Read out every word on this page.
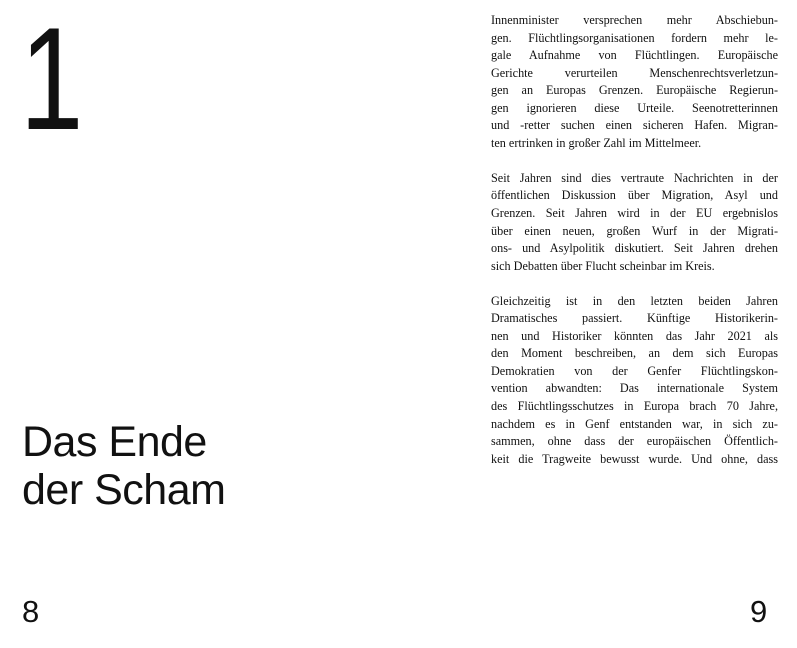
1
Das Ende
der Scham
8

Innenminister versprechen mehr Abschiebun-
gen. Flüchtlingsorganisationen fordern mehr le-
gale Aufnahme von Flüchtlingen. Europäische
Gerichte verurteilen Menschenrechtsverletzun-
gen an Europas Grenzen. Europäische Regierun-
gen ignorieren diese Urteile. Seenotretterinnen
und -retter suchen einen sicheren Hafen. Migran-
ten ertrinken in großer Zahl im Mittelmeer.

Seit Jahren sind dies vertraute Nachrichten in der
öffentlichen Diskussion über Migration, Asyl und
Grenzen. Seit Jahren wird in der EU ergebnislos
über einen neuen, großen Wurf in der Migrati-
ons- und Asylpolitik diskutiert. Seit Jahren drehen
sich Debatten über Flucht scheinbar im Kreis.

Gleichzeitig ist in den letzten beiden Jahren
Dramatisches passiert. Künftige Historikerin-
nen und Historiker könnten das Jahr 2021 als
den Moment beschreiben, an dem sich Europas
Demokratien von der Genfer Flüchtlingskon-
vention abwandten: Das internationale System
des Flüchtlingsschutzes in Europa brach 70 Jahre,
nachdem es in Genf entstanden war, in sich zu-
sammen, ohne dass der europäischen Öffentlich-
keit die Tragweite bewusst wurde. Und ohne, dass

9
